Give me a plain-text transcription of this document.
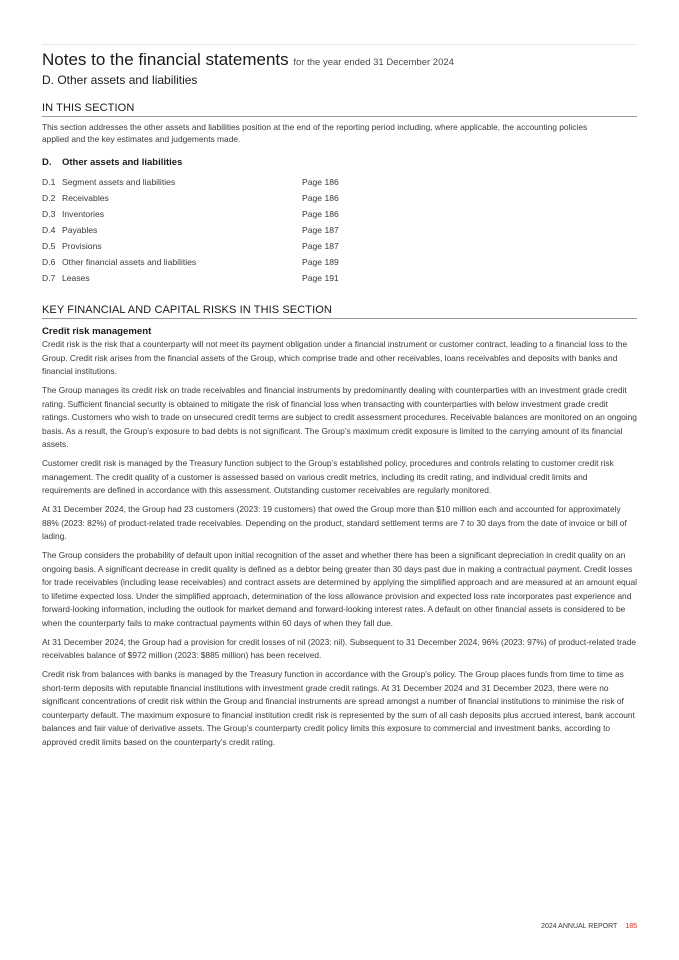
Notes to the financial statements for the year ended 31 December 2024
D. Other assets and liabilities
IN THIS SECTION
This section addresses the other assets and liabilities position at the end of the reporting period including, where applicable, the accounting policies applied and the key estimates and judgements made.
D. Other assets and liabilities
D.1 Segment assets and liabilities	Page 186
D.2 Receivables	Page 186
D.3 Inventories	Page 186
D.4 Payables	Page 187
D.5 Provisions	Page 187
D.6 Other financial assets and liabilities	Page 189
D.7 Leases	Page 191
KEY FINANCIAL AND CAPITAL RISKS IN THIS SECTION
Credit risk management

Credit risk is the risk that a counterparty will not meet its payment obligation under a financial instrument or customer contract, leading to a financial loss to the Group. Credit risk arises from the financial assets of the Group, which comprise trade and other receivables, loans receivables and deposits with banks and financial institutions.

The Group manages its credit risk on trade receivables and financial instruments by predominantly dealing with counterparties with an investment grade credit rating. Sufficient financial security is obtained to mitigate the risk of financial loss when transacting with counterparties with below investment grade credit ratings. Customers who wish to trade on unsecured credit terms are subject to credit assessment procedures. Receivable balances are monitored on an ongoing basis. As a result, the Group’s exposure to bad debts is not significant. The Group’s maximum credit exposure is limited to the carrying amount of its financial assets.

Customer credit risk is managed by the Treasury function subject to the Group’s established policy, procedures and controls relating to customer credit risk management. The credit quality of a customer is assessed based on various credit metrics, including its credit rating, and individual credit limits and requirements are defined in accordance with this assessment. Outstanding customer receivables are regularly monitored.

At 31 December 2024, the Group had 23 customers (2023: 19 customers) that owed the Group more than $10 million each and accounted for approximately 88% (2023: 82%) of product-related trade receivables. Depending on the product, standard settlement terms are 7 to 30 days from the date of invoice or bill of lading.

The Group considers the probability of default upon initial recognition of the asset and whether there has been a significant depreciation in credit quality on an ongoing basis. A significant decrease in credit quality is defined as a debtor being greater than 30 days past due in making a contractual payment. Credit losses for trade receivables (including lease receivables) and contract assets are determined by applying the simplified approach and are measured at an amount equal to lifetime expected loss. Under the simplified approach, determination of the loss allowance provision and expected loss rate incorporates past experience and forward-looking information, including the outlook for market demand and forward-looking interest rates. A default on other financial assets is considered to be when the counterparty fails to make contractual payments within 60 days of when they fall due.

At 31 December 2024, the Group had a provision for credit losses of nil (2023: nil). Subsequent to 31 December 2024, 96% (2023: 97%) of product-related trade receivables balance of $972 million (2023: $885 million) has been received.

Credit risk from balances with banks is managed by the Treasury function in accordance with the Group’s policy. The Group places funds from time to time as short-term deposits with reputable financial institutions with investment grade credit ratings. At 31 December 2024 and 31 December 2023, there were no significant concentrations of credit risk within the Group and financial instruments are spread amongst a number of financial institutions to minimise the risk of counterparty default. The maximum exposure to financial institution credit risk is represented by the sum of all cash deposits plus accrued interest, bank account balances and fair value of derivative assets. The Group’s counterparty credit policy limits this exposure to commercial and investment banks, according to approved credit limits based on the counterparty’s credit rating.

2024 ANNUAL REPORT 185
